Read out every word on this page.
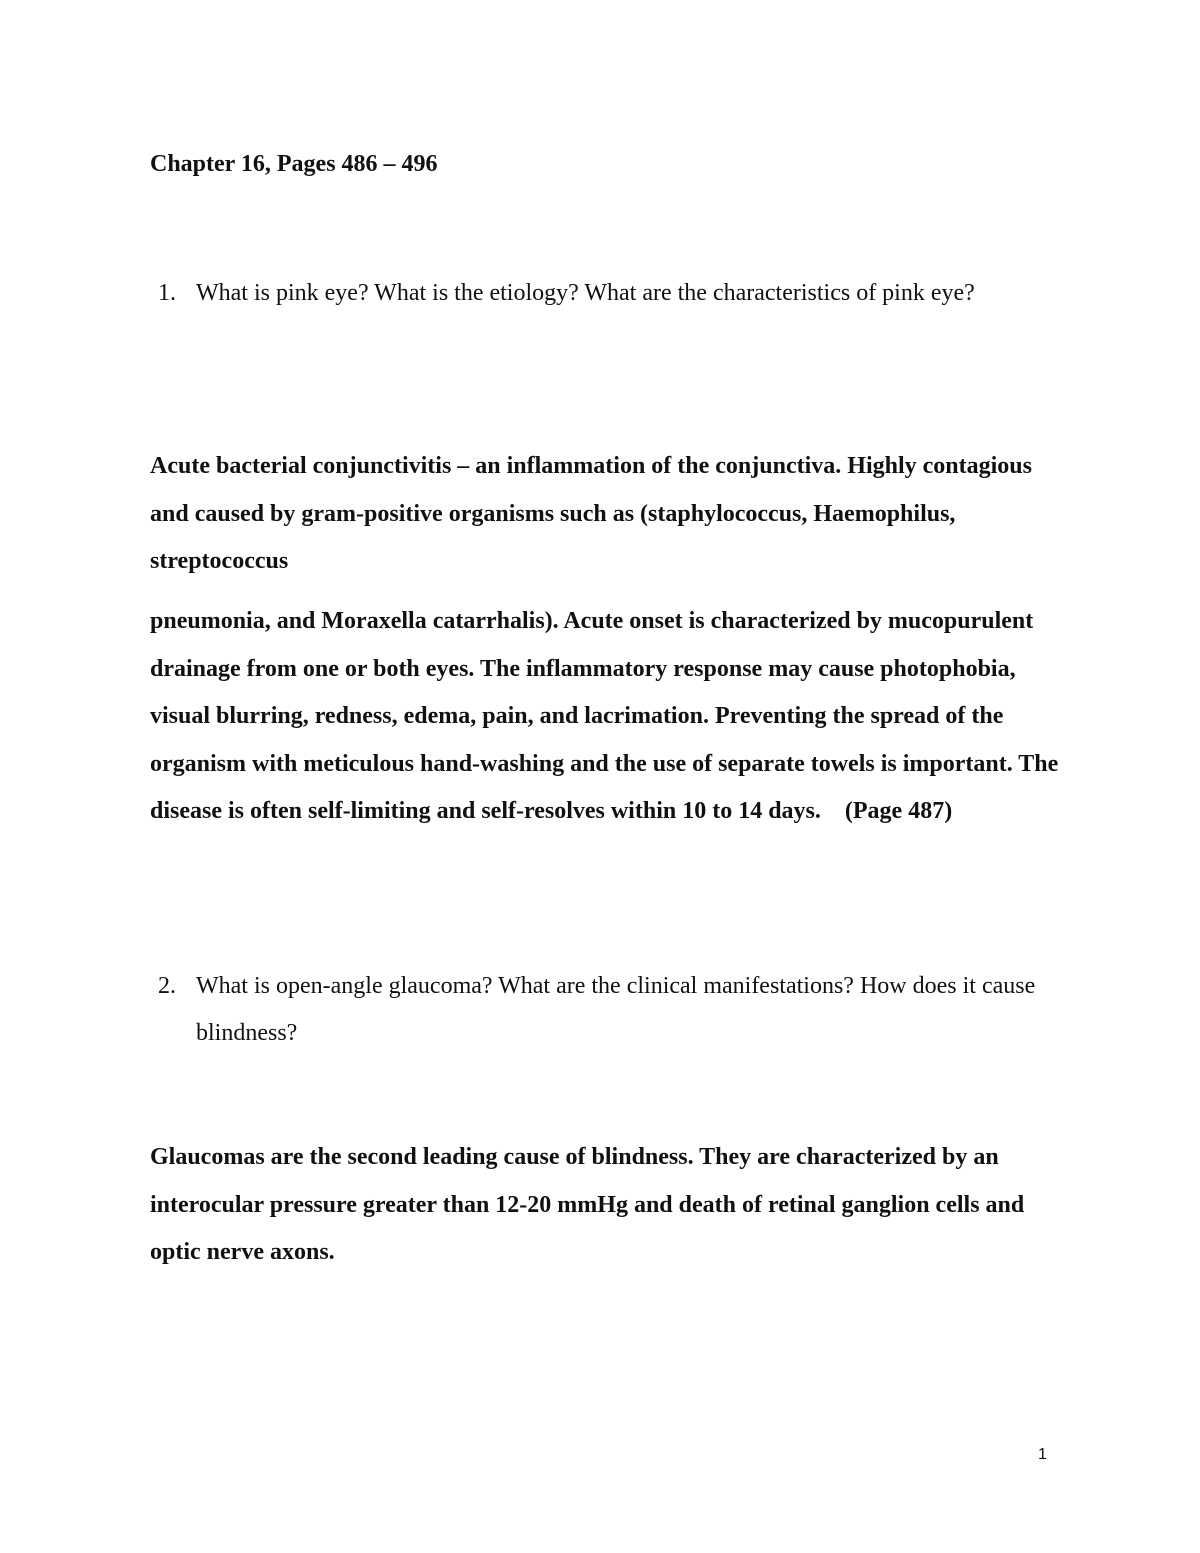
Chapter 16, Pages 486 – 496
1. What is pink eye? What is the etiology? What are the characteristics of pink eye?

Acute bacterial conjunctivitis – an inflammation of the conjunctiva. Highly contagious and caused by gram-positive organisms such as (staphylococcus, Haemophilus, streptococcus

pneumonia, and Moraxella catarrhalis). Acute onset is characterized by mucopurulent drainage from one or both eyes. The inflammatory response may cause photophobia, visual blurring, redness, edema, pain, and lacrimation. Preventing the spread of the organism with meticulous hand-washing and the use of separate towels is important. The disease is often self-limiting and self-resolves within 10 to 14 days.    (Page 487)

2. What is open-angle glaucoma? What are the clinical manifestations? How does it cause blindness?

Glaucomas are the second leading cause of blindness. They are characterized by an interocular pressure greater than 12-20 mmHg and death of retinal ganglion cells and optic nerve axons.

1
